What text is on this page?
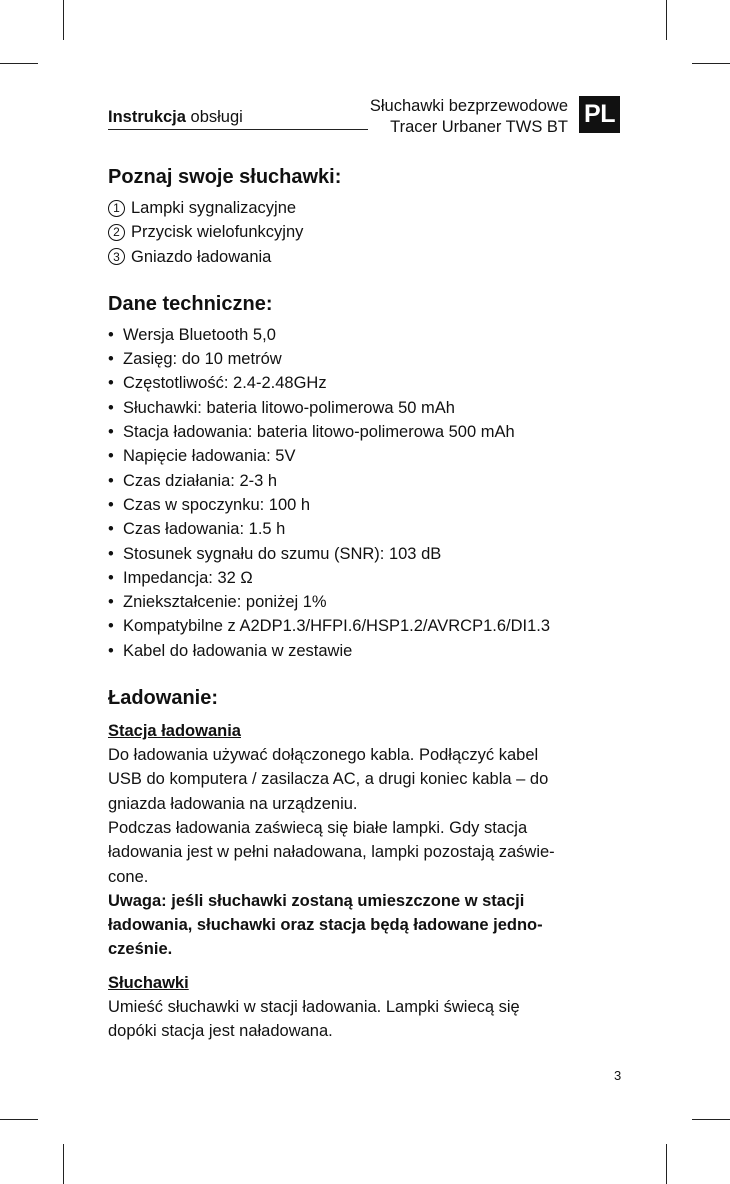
Instrukcja obsługi
Słuchawki bezprzewodowe
Tracer Urbaner TWS BT PL
Poznaj swoje słuchawki:
1 Lampki sygnalizacyjne
2 Przycisk wielofunkcyjny
3 Gniazdo ładowania
Dane techniczne:
• Wersja Bluetooth 5,0
• Zasięg: do 10 metrów
• Częstotliwość: 2.4-2.48GHz
• Słuchawki: bateria litowo-polimerowa 50 mAh
• Stacja ładowania: bateria litowo-polimerowa 500 mAh
• Napięcie ładowania: 5V
• Czas działania: 2-3 h
• Czas w spoczynku: 100 h
• Czas ładowania: 1.5 h
• Stosunek sygnału do szumu (SNR): 103 dB
• Impedancja: 32 Ω
• Zniekształcenie: poniżej 1%
• Kompatybilne z A2DP1.3/HFPI.6/HSP1.2/AVRCP1.6/DI1.3
• Kabel do ładowania w zestawie
Ładowanie:
Stacja ładowania

Do ładowania używać dołączonego kabla. Podłączyć kabel

USB do komputera / zasilacza AC, a drugi koniec kabla – do

gniazda ładowania na urządzeniu.

Podczas ładowania zaświecą się białe lampki. Gdy stacja

ładowania jest w pełni naładowana, lampki pozostają zaświe-

cone.

Uwaga: jeśli słuchawki zostaną umieszczone w stacji

ładowania, słuchawki oraz stacja będą ładowane jedno-

cześnie.

Słuchawki

Umieść słuchawki w stacji ładowania. Lampki świecą się

dopóki stacja jest naładowana.

3
